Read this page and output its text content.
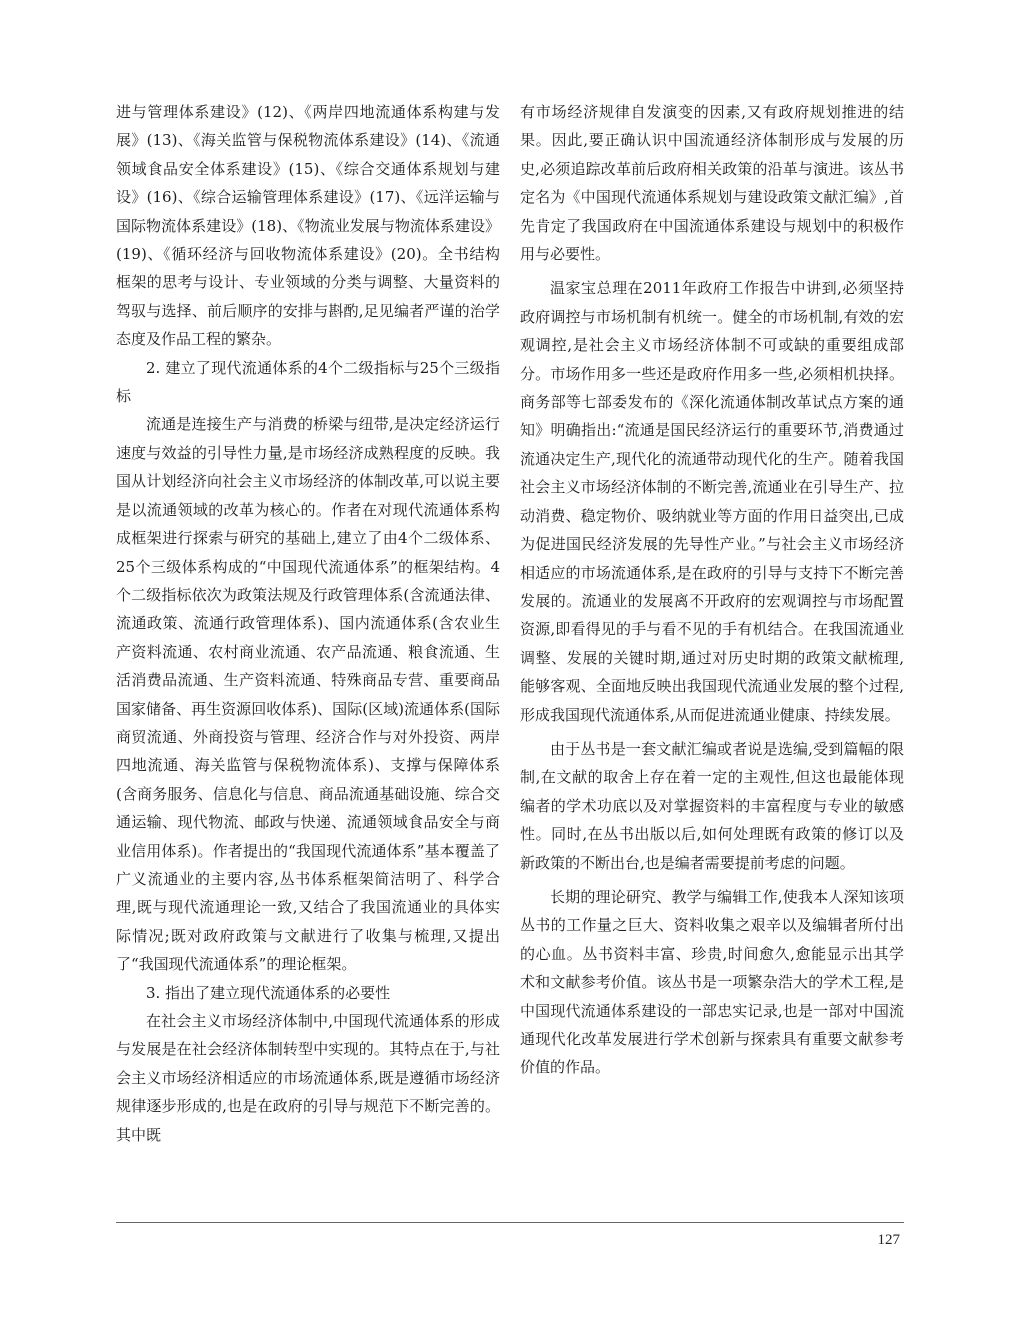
进与管理体系建设》(12)、《两岸四地流通体系构建与发展》(13)、《海关监管与保税物流体系建设》(14)、《流通领域食品安全体系建设》(15)、《综合交通体系规划与建设》(16)、《综合运输管理体系建设》(17)、《远洋运输与国际物流体系建设》(18)、《物流业发展与物流体系建设》(19)、《循环经济与回收物流体系建设》(20)。全书结构框架的思考与设计、专业领域的分类与调整、大量资料的驾驭与选择、前后顺序的安排与斟酌,足见编者严谨的治学态度及作品工程的繁杂。

2. 建立了现代流通体系的4个二级指标与25个三级指标

流通是连接生产与消费的桥梁与纽带,是决定经济运行速度与效益的引导性力量,是市场经济成熟程度的反映。我国从计划经济向社会主义市场经济的体制改革,可以说主要是以流通领域的改革为核心的。作者在对现代流通体系构成框架进行探索与研究的基础上,建立了由4个二级体系、25个三级体系构成的“中国现代流通体系”的框架结构。4个二级指标依次为政策法规及行政管理体系(含流通法律、流通政策、流通行政管理体系)、国内流通体系(含农业生产资料流通、农村商业流通、农产品流通、粮食流通、生活消费品流通、生产资料流通、特殊商品专营、重要商品国家储备、再生资源回收体系)、国际(区域)流通体系(国际商贸流通、外商投资与管理、经济合作与对外投资、两岸四地流通、海关监管与保税物流体系)、支撑与保障体系(含商务服务、信息化与信息、商品流通基础设施、综合交通运输、现代物流、邮政与快递、流通领域食品安全与商业信用体系)。作者提出的“我国现代流通体系”基本覆盖了广义流通业的主要内容,丛书体系框架简洁明了、科学合理,既与现代流通理论一致,又结合了我国流通业的具体实际情况;既对政府政策与文献进行了收集与梳理,又提出了“我国现代流通体系”的理论框架。

3. 指出了建立现代流通体系的必要性

在社会主义市场经济体制中,中国现代流通体系的形成与发展是在社会经济体制转型中实现的。其特点在于,与社会主义市场经济相适应的市场流通体系,既是遵循市场经济规律逐步形成的,也是在政府的引导与规范下不断完善的。其中既

有市场经济规律自发演变的因素,又有政府规划推进的结果。因此,要正确认识中国流通经济体制形成与发展的历史,必须追踪改革前后政府相关政策的沿革与演进。该丛书定名为《中国现代流通体系规划与建设政策文献汇编》,首先肯定了我国政府在中国流通体系建设与规划中的积极作用与必要性。

温家宝总理在2011年政府工作报告中讲到,必须坚持政府调控与市场机制有机统一。健全的市场机制,有效的宏观调控,是社会主义市场经济体制不可或缺的重要组成部分。市场作用多一些还是政府作用多一些,必须相机抉择。商务部等七部委发布的《深化流通体制改革试点方案的通知》明确指出:“流通是国民经济运行的重要环节,消费通过流通决定生产,现代化的流通带动现代化的生产。随着我国社会主义市场经济体制的不断完善,流通业在引导生产、拉动消费、稳定物价、吸纳就业等方面的作用日益突出,已成为促进国民经济发展的先导性产业。”与社会主义市场经济相适应的市场流通体系,是在政府的引导与支持下不断完善发展的。流通业的发展离不开政府的宏观调控与市场配置资源,即看得见的手与看不见的手有机结合。在我国流通业调整、发展的关键时期,通过对历史时期的政策文献梳理,能够客观、全面地反映出我国现代流通业发展的整个过程,形成我国现代流通体系,从而促进流通业健康、持续发展。

由于丛书是一套文献汇编或者说是选编,受到篇幅的限制,在文献的取舍上存在着一定的主观性,但这也最能体现编者的学术功底以及对掌握资料的丰富程度与专业的敏感性。同时,在丛书出版以后,如何处理既有政策的修订以及新政策的不断出台,也是编者需要提前考虑的问题。

长期的理论研究、教学与编辑工作,使我本人深知该项丛书的工作量之巨大、资料收集之艰辛以及编辑者所付出的心血。丛书资料丰富、珍贵,时间愈久,愈能显示出其学术和文献参考价值。该丛书是一项繁杂浩大的学术工程,是中国现代流通体系建设的一部忠实记录,也是一部对中国流通现代化改革发展进行学术创新与探索具有重要文献参考价值的作品。

127
